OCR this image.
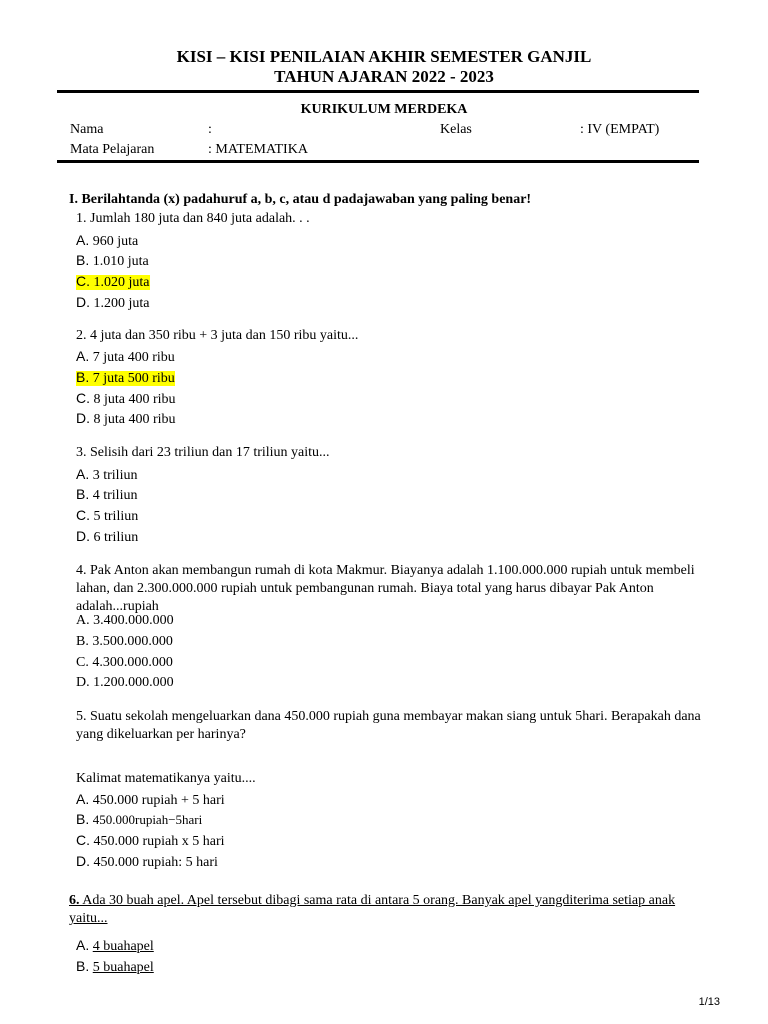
KISI – KISI PENILAIAN AKHIR SEMESTER GANJIL
TAHUN AJARAN 2022 - 2023
KURIKULUM MERDEKA
Nama	:	Kelas	: IV (EMPAT)
Mata Pelajaran	: MATEMATIKA
I. Berilahtanda (x) padahuruf a, b, c, atau d padajawaban yang paling benar!
1. Jumlah 180 juta dan 840 juta adalah. . .
A. 960 juta
B. 1.010 juta
C. 1.020 juta
D. 1.200 juta
2. 4 juta dan 350 ribu + 3 juta dan 150 ribu yaitu...
A. 7 juta 400 ribu
B. 7 juta 500 ribu
C. 8 juta 400 ribu
D. 8 juta 400 ribu
3. Selisih dari 23 triliun dan 17 triliun yaitu...
A. 3 triliun
B. 4 triliun
C. 5 triliun
D. 6 triliun
4. Pak Anton akan membangun rumah di kota Makmur. Biayanya adalah 1.100.000.000 rupiah untuk membeli lahan, dan 2.300.000.000 rupiah untuk pembangunan rumah. Biaya total yang harus dibayar Pak Anton adalah...rupiah
A. 3.400.000.000
B. 3.500.000.000
C. 4.300.000.000
D. 1.200.000.000
5. Suatu sekolah mengeluarkan dana 450.000 rupiah guna membayar makan siang untuk 5hari. Berapakah dana yang dikeluarkan per harinya?
Kalimat matematikanya yaitu....
A. 450.000 rupiah + 5 hari
B. 450.000rupiah−5hari
C. 450.000 rupiah x 5 hari
D. 450.000 rupiah: 5 hari
6. Ada 30 buah apel. Apel tersebut dibagi sama rata di antara 5 orang. Banyak apel yangditerima setiap anak yaitu...
A. 4 buahapel
B. 5 buahapel
1/13
